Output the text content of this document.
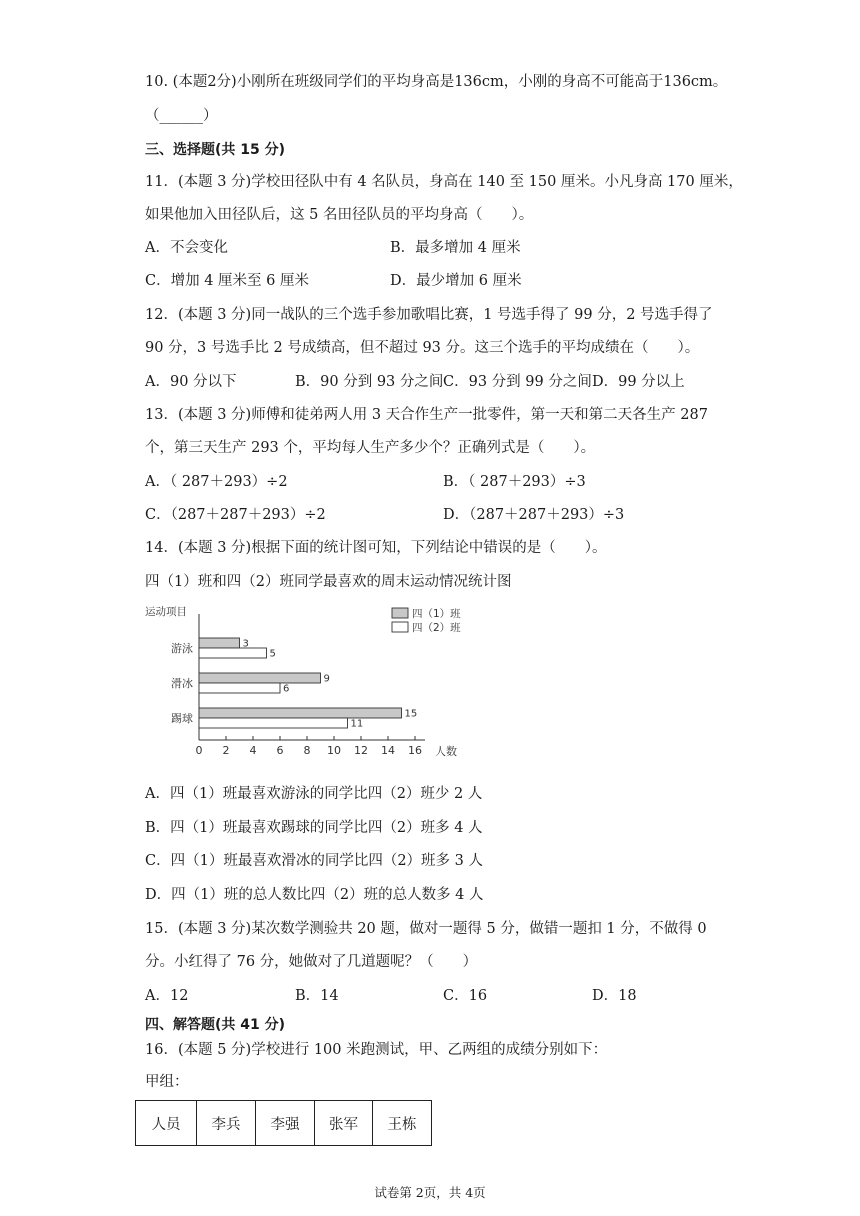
10. (本题2分)小刚所在班级同学们的平均身高是136cm，小刚的身高不可能高于136cm。
（______）
三、选择题(共 15 分)
11．(本题 3 分)学校田径队中有 4 名队员，身高在 140 至 150 厘米。小凡身高 170 厘米，
如果他加入田径队后，这 5 名田径队员的平均身高（　　）。
A．不会变化	B．最多增加 4 厘米
C．增加 4 厘米至 6 厘米	D．最少增加 6 厘米
12．(本题 3 分)同一战队的三个选手参加歌唱比赛，1 号选手得了 99 分，2 号选手得了
90 分，3 号选手比 2 号成绩高，但不超过 93 分。这三个选手的平均成绩在（　　）。
A．90 分以下	B．90 分到 93 分之间 C．93 分到 99 分之间 D．99 分以上
13．(本题 3 分)师傅和徒弟两人用 3 天合作生产一批零件，第一天和第二天各生产 287
个，第三天生产 293 个，平均每人生产多少个？正确列式是（　　）。
A．（ 287＋293）÷2	B．（ 287＋293）÷3
C．（287＋287＋293）÷2	D．（287＋287＋293）÷3
14．(本题 3 分)根据下面的统计图可知，下列结论中错误的是（　　）。
四（1）班和四（2）班同学最喜欢的周末运动情况统计图
运动项目
0 2 4 6 8 10 12 14 16 人数
游泳	3
5
滑冰	9
6
踢球	15
11
四（1）班
四（2）班
A．四（1）班最喜欢游泳的同学比四（2）班少 2 人
B．四（1）班最喜欢踢球的同学比四（2）班多 4 人
C．四（1）班最喜欢滑冰的同学比四（2）班多 3 人
D．四（1）班的总人数比四（2）班的总人数多 4 人
15．(本题 3 分)某次数学测验共 20 题，做对一题得 5 分，做错一题扣 1 分，不做得 0
分。小红得了 76 分，她做对了几道题呢？（　　）
A．12	B．14	C．16	D．18
四、解答题(共 41 分)
16．(本题 5 分)学校进行 100 米跑测试，甲、乙两组的成绩分别如下：
甲组：
人员	李兵	李强	张军	王栋
试卷第 2页，共 4页
